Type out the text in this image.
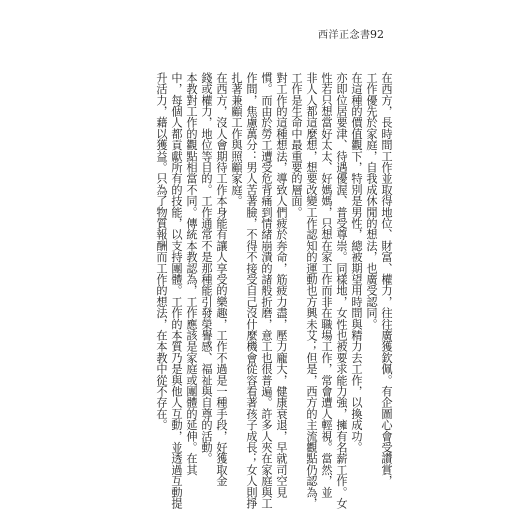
西洋正念書 92
在西方，長時間工作並取得地位、財富、權力，往往廣獲欽佩。有企圖心會受讚賞，
工作優先於家庭，自我成休閒的想法，也廣受認同。
在這種的價值觀下，特別是男性，總被期望用時間與精力去工作，以換成功。
亦即位居要津、待遇優渥、普受尊崇。同樣地，女性也被要求能力強，擁有名薪工作。女
性若只想當好太太、好媽媽，只想在家工作而非在職場工作，常會遭人輕視。當然，並
非人人都這麼想，想要改變工作認知的運動也方興未艾；但是，西方的主流觀點仍認為，
工作是生命中最重要的層面。
對工作的這種想法，導致人們疲於奔命，筋疲力盡，壓力龐大，健康衰退，早就司空見
慣。而由於勞工遭受危背痛到情緒崩潰的諸般折磨，意工也很普遍。許多人夾在家庭與工
作間，焦慮萬分：男人苦著臉，不得不接受自己沒什麼機會從容看著孩子成長；女人則掙
扎著兼顧工作與照顧家庭。
在西方，沒人會期待工作本身能有讓人享受的樂趣，工作不過是一種手段，好獲取金
錢或權力，地位等目的。工作通常不是那種能引發榮譽感、福祉與自尊的活動。
本教對工作的觀點相當不同。傳統本教認為，工作應該是家庭或團體的延伸。在其
中，每個人都貢獻所有的技能，以支持團體。工作的本質乃是與他人互動，並透過互動提
升活力，藉以獲益。只為了物質報酬而工作的想法，在本教中從不存在。
